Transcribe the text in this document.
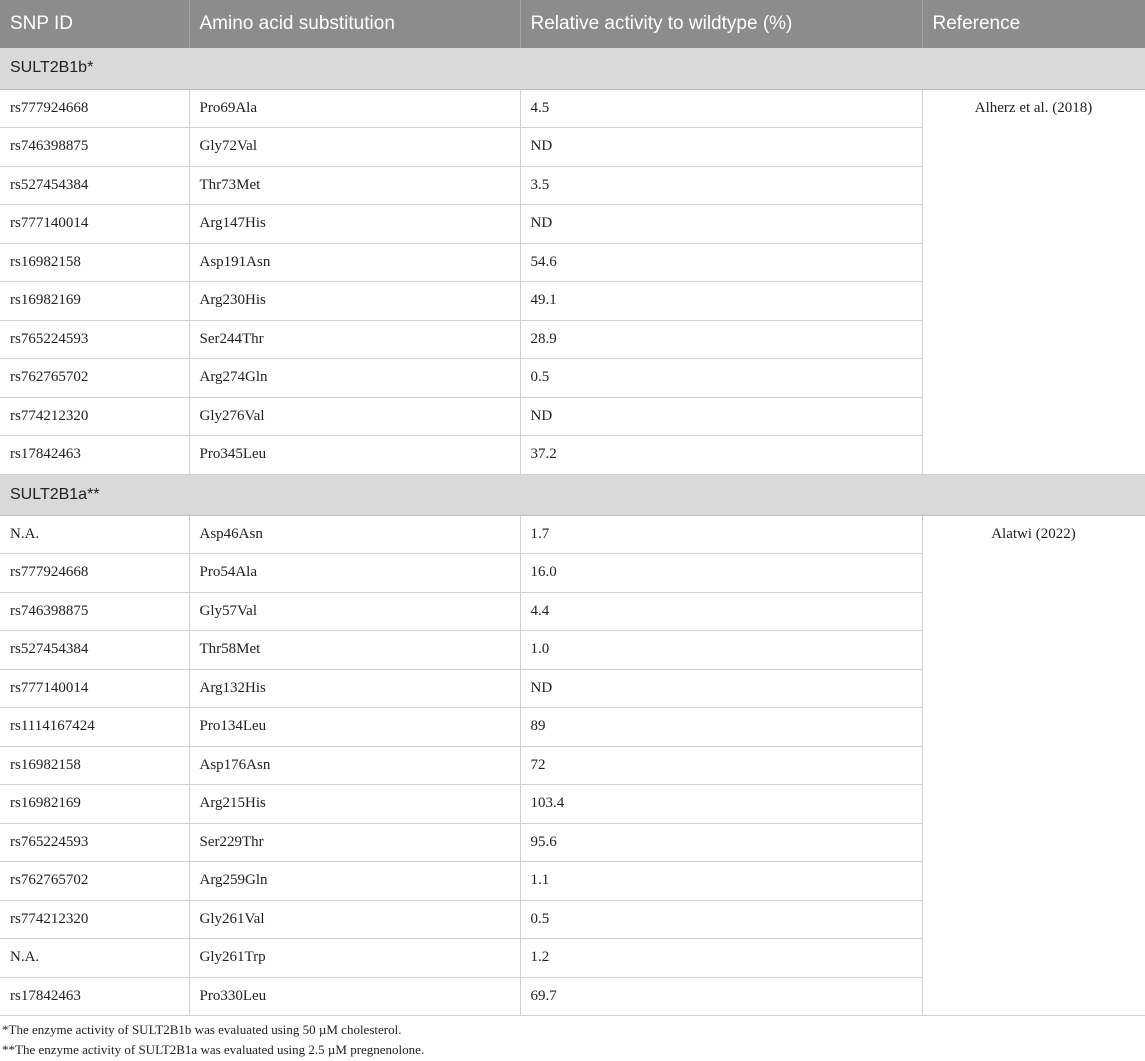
SNP ID	Amino acid substitution	Relative activity to wildtype (%)	Reference
SULT2B1b*			
rs777924668	Pro69Ala	4.5	Alherz et al. (2018)
rs746398875	Gly72Val	ND	
rs527454384	Thr73Met	3.5	
rs777140014	Arg147His	ND	
rs16982158	Asp191Asn	54.6	
rs16982169	Arg230His	49.1	
rs765224593	Ser244Thr	28.9	
rs762765702	Arg274Gln	0.5	
rs774212320	Gly276Val	ND	
rs17842463	Pro345Leu	37.2	
SULT2B1a**			
N.A.	Asp46Asn	1.7	Alatwi (2022)
rs777924668	Pro54Ala	16.0	
rs746398875	Gly57Val	4.4	
rs527454384	Thr58Met	1.0	
rs777140014	Arg132His	ND	
rs1114167424	Pro134Leu	89	
rs16982158	Asp176Asn	72	
rs16982169	Arg215His	103.4	
rs765224593	Ser229Thr	95.6	
rs762765702	Arg259Gln	1.1	
rs774212320	Gly261Val	0.5	
N.A.	Gly261Trp	1.2	
rs17842463	Pro330Leu	69.7	
*The enzyme activity of SULT2B1b was evaluated using 50 µM cholesterol.
**The enzyme activity of SULT2B1a was evaluated using 2.5 µM pregnenolone.
